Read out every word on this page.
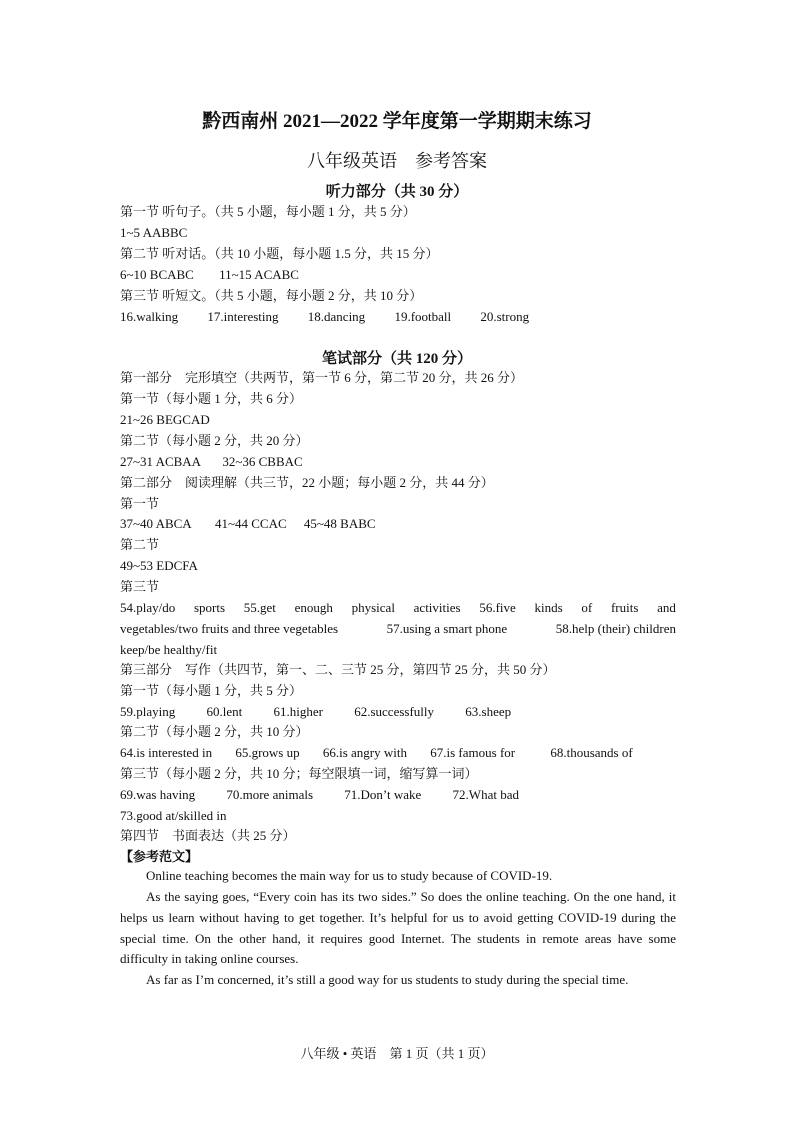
黔西南州 2021—2022 学年度第一学期期末练习
八年级英语　参考答案
听力部分（共 30 分）
第一节 听句子。（共 5 小题，每小题 1 分，共 5 分）
1~5 AABBC
第二节 听对话。（共 10 小题，每小题 1.5 分，共 15 分）
6~10 BCABC 11~15 ACABC
第三节 听短文。（共 5 小题，每小题 2 分，共 10 分）
16.walking 17.interesting 18.dancing 19.football 20.strong
笔试部分（共 120 分）
第一部分　完形填空（共两节，第一节 6 分，第二节 20 分，共 26 分）
第一节（每小题 1 分，共 6 分）
21~26 BEGCAD
第二节（每小题 2 分，共 20 分）
27~31 ACBAA 32~36 CBBAC
第二部分　阅读理解（共三节，22 小题；每小题 2 分，共 44 分）
第一节
37~40 ABCA 41~44 CCAC 45~48 BABC
第二节
49~53 EDCFA
第三节
54.play/do sports 55.get enough physical activities 56.five kinds of fruits and
vegetables/two fruits and three vegetables	57.using a smart phone	58.help (their) children
keep/be healthy/fit
第三部分　写作（共四节，第一、二、三节 25 分，第四节 25 分，共 50 分）
第一节（每小题 1 分，共 5 分）
59.playing 60.lent 61.higher 62.successfully 63.sheep
第二节（每小题 2 分，共 10 分）
64.is interested in 65.grows up 66.is angry with 67.is famous for	68.thousands of
第三节（每小题 2 分，共 10 分；每空限填一词，缩写算一词）
69.was having 70.more animals 71.Don’t wake 72.What bad
73.good at/skilled in
第四节　书面表达（共 25 分）
【参考范文】
Online teaching becomes the main way for us to study because of COVID-19.
As the saying goes, “Every coin has its two sides.” So does the online teaching. On the one hand, it helps us learn without having to get together. It’s helpful for us to avoid getting COVID-19 during the special time. On the other hand, it requires good Internet. The students in remote areas have some difficulty in taking online courses.
As far as I’m concerned, it’s still a good way for us students to study during the special time.
八年级 • 英语　第 1 页（共 1 页）
